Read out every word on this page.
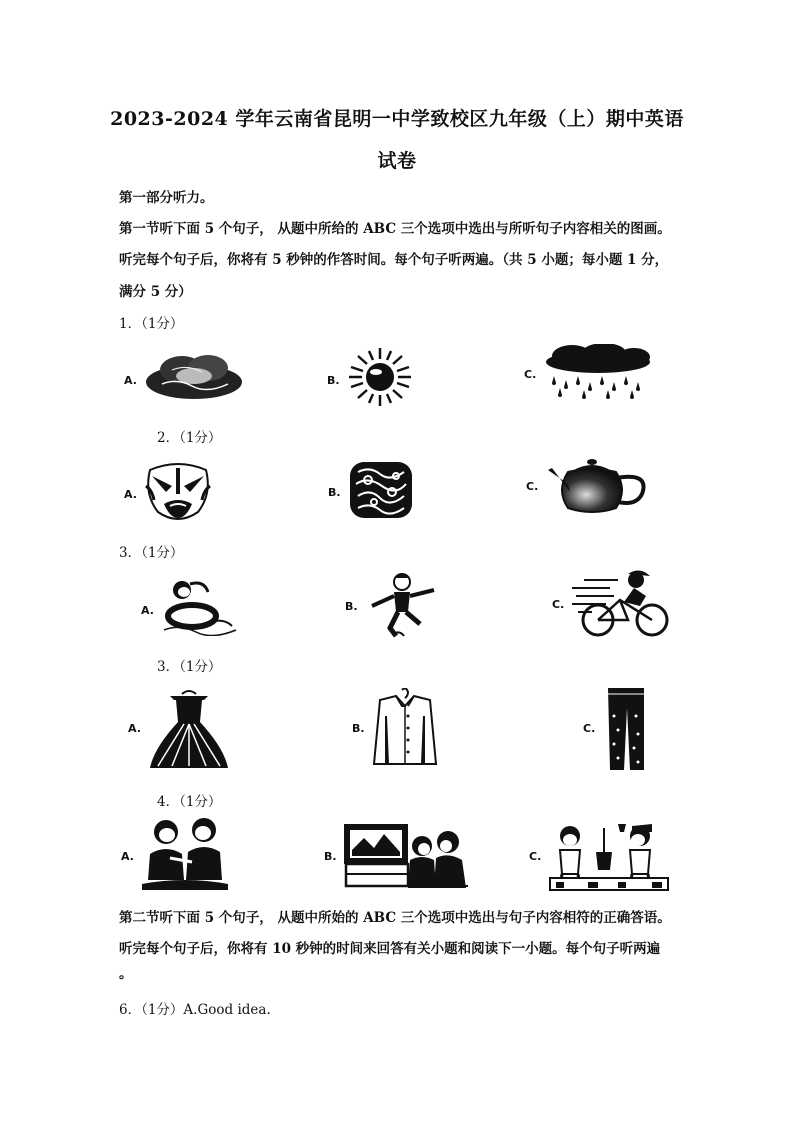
2023-2024 学年云南省昆明一中学致校区九年级（上）期中英语
试卷
第一部分听力。
第一节听下面 5 个句子， 从题中所给的 ABC 三个选项中选出与所听句子内容相关的图画。
听完每个句子后，你将有 5 秒钟的作答时间。每个句子听两遍。（共 5 小题；每小题 1 分，
满分 5 分）
1．（1分）
A.	B.	C.
2．（1分）
A.	B.	C.
3．（1分）
A.	B.	C.
3．（1分）
A.	B.	C.
4．（1分）
A.	B.	C.
第二节听下面 5 个句子， 从题中所始的 ABC 三个选项中选出与句子内容相符的正确答语。
听完每个句子后，你将有 10 秒钟的时间来回答有关小题和阅读下一小题。每个句子听两遍
。
6．（1分）A.Good idea.
